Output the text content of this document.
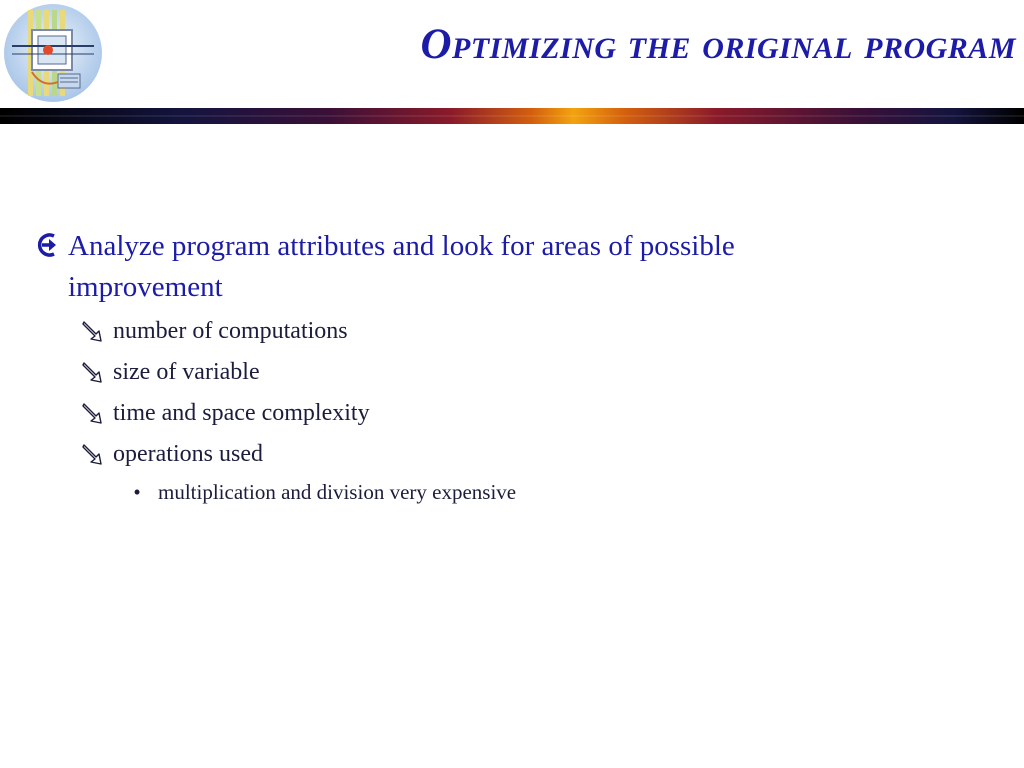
Optimizing the original program
Analyze program attributes and look for areas of possible improvement
number of computations
size of variable
time and space complexity
operations used
• multiplication and division very expensive
